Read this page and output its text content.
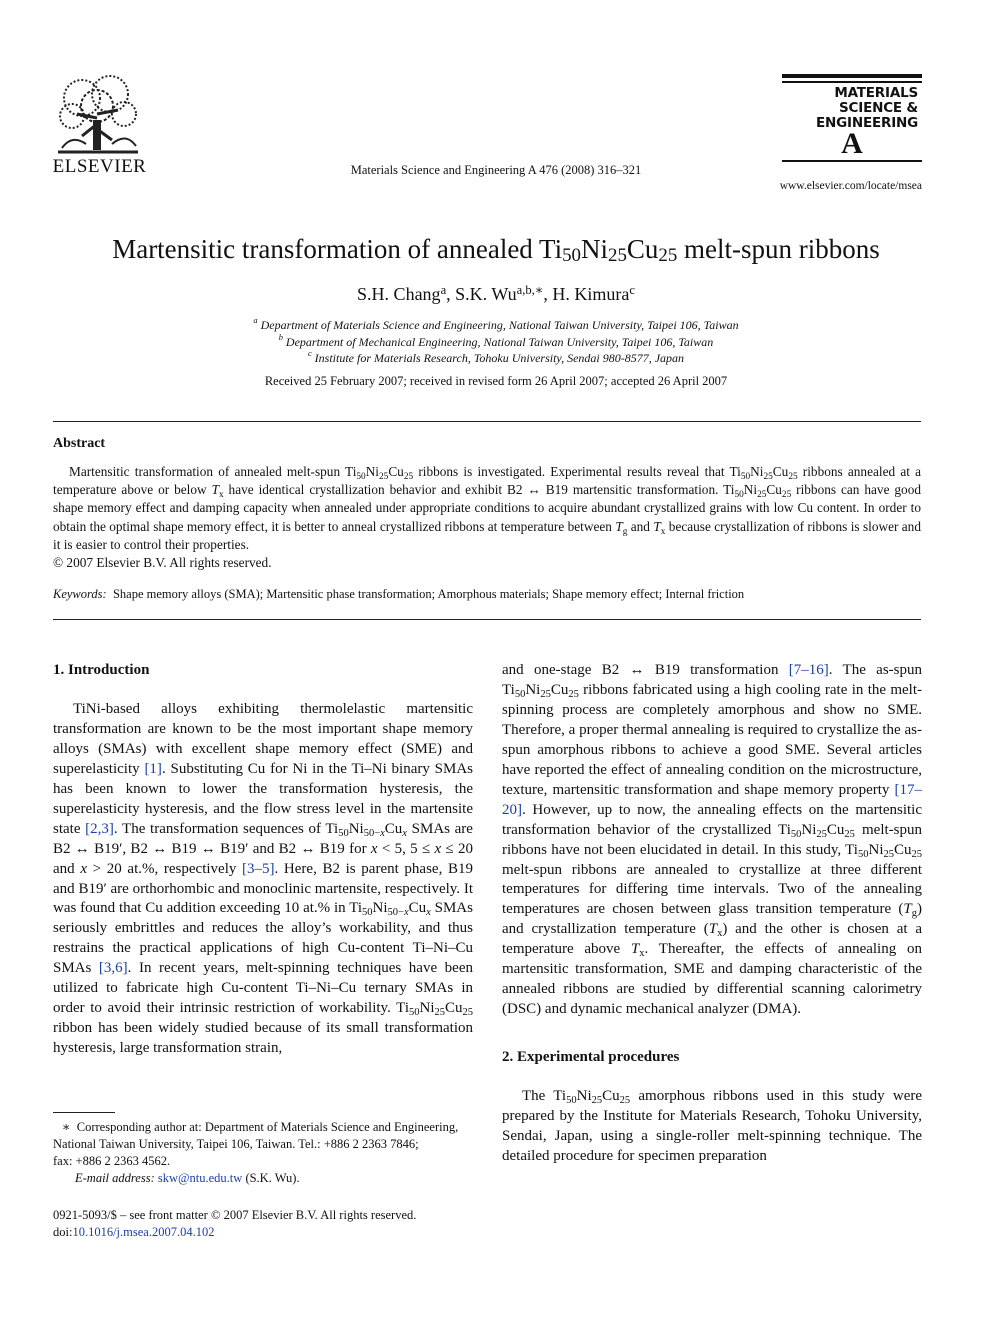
ELSEVIER	Materials Science and Engineering A 476 (2008) 316–321
MATERIALS
SCIENCE &
ENGINEERING
A
www.elsevier.com/locate/msea
Martensitic transformation of annealed $Ti_{50}Ni_{25}Cu_{25}$ melt-spun ribbons
S.H. Chang$^a$, S.K. $Wu^{a,b,∗}$, H. Kimura$^c$
$^a$ Department of Materials Science and Engineering, National Taiwan University, Taipei 106, Taiwan
$^b$ Department of Mechanical Engineering, National Taiwan University, Taipei 106, Taiwan
$^c$ Institute for Materials Research, Tohoku University, Sendai 980-8577, Japan
Received 25 February 2007; received in revised form 26 April 2007; accepted 26 April 2007
Abstract
Martensitic transformation of annealed melt-spun $Ti_{50}Ni_{25}Cu_{25}$ ribbons is investigated. Experimental results reveal that $Ti_{50}Ni_{25}Cu_{25}$ ribbons annealed at a temperature above or below $T_x$ have identical crystallization behavior and exhibit B2 ↔ B19 martensitic transformation. $Ti_{50}Ni_{25}Cu_{25}$ ribbons can have good shape memory effect and damping capacity when annealed under appropriate conditions to acquire abundant crystallized grains with low Cu content. In order to obtain the optimal shape memory effect, it is better to anneal crystallized ribbons at temperature between $T_g$ and $T_x$ because crystallization of ribbons is slower and it is easier to control their properties.
© 2007 Elsevier B.V. All rights reserved.
Keywords: Shape memory alloys (SMA); Martensitic phase transformation; Amorphous materials; Shape memory effect; Internal friction
1. Introduction

TiNi-based alloys exhibiting thermolelastic martensitic transformation are known to be the most important shape memory alloys (SMAs) with excellent shape memory effect (SME) and superelasticity [1]. Substituting Cu for Ni in the Ti–Ni binary SMAs has been known to lower the transformation hysteresis, the superelasticity hysteresis, and the flow stress level in the martensite state [2,3]. The transformation sequences of $Ti_{50}Ni_{50-x}Cu_x$ SMAs are B2 ↔ B19′, B2 ↔ B19 ↔ B19′ and B2 ↔ B19 for x < 5, 5 ≤ x ≤ 20 and x > 20 at.%, respectively [3–5]. Here, B2 is parent phase, B19 and B19′ are orthorhombic and monoclinic martensite, respectively. It was found that Cu addition exceeding 10 at.% in $Ti_{50}Ni_{50-x}Cu_x$ SMAs seriously embrittles and reduces the alloy’s workability, and thus restrains the practical applications of high Cu-content Ti–Ni–Cu SMAs [3,6]. In recent years, melt-spinning techniques have been utilized to fabricate high Cu-content Ti–Ni–Cu ternary SMAs in order to avoid their intrinsic restriction of workability. $Ti_{50}Ni_{25}Cu_{25}$ ribbon has been widely studied because of its small transformation hysteresis, large transformation strain,

and one-stage B2 ↔ B19 transformation [7–16]. The as-spun $Ti_{50}Ni_{25}Cu_{25}$ ribbons fabricated using a high cooling rate in the melt-spinning process are completely amorphous and show no SME. Therefore, a proper thermal annealing is required to crystallize the as-spun amorphous ribbons to achieve a good SME. Several articles have reported the effect of annealing condition on the microstructure, texture, martensitic transformation and shape memory property [17–20]. However, up to now, the annealing effects on the martensitic transformation behavior of the crystallized $Ti_{50}Ni_{25}Cu_{25}$ melt-spun ribbons have not been elucidated in detail. In this study, $Ti_{50}Ni_{25}Cu_{25}$ melt-spun ribbons are annealed to crystallize at three different temperatures for differing time intervals. Two of the annealing temperatures are chosen between glass transition temperature $(T_g)$ and crystallization temperature $(T_x)$ and the other is chosen at a temperature above $T_x$. Thereafter, the effects of annealing on martensitic transformation, SME and damping characteristic of the annealed ribbons are studied by differential scanning calorimetry (DSC) and dynamic mechanical analyzer (DMA).

2. Experimental procedures

The $Ti_{50}Ni_{25}Cu_{25}$ amorphous ribbons used in this study were prepared by the Institute for Materials Research, Tohoku University, Sendai, Japan, using a single-roller melt-spinning technique. The detailed procedure for specimen preparation

∗ Corresponding author at: Department of Materials Science and Engineering,
National Taiwan University, Taipei 106, Taiwan. Tel.: +886 2 2363 7846;
fax: +886 2 2363 4562.
E-mail address: skw@ntu.edu.tw (S.K. Wu).
0921-5093/$ – see front matter © 2007 Elsevier B.V. All rights reserved.
doi:10.1016/j.msea.2007.04.102
